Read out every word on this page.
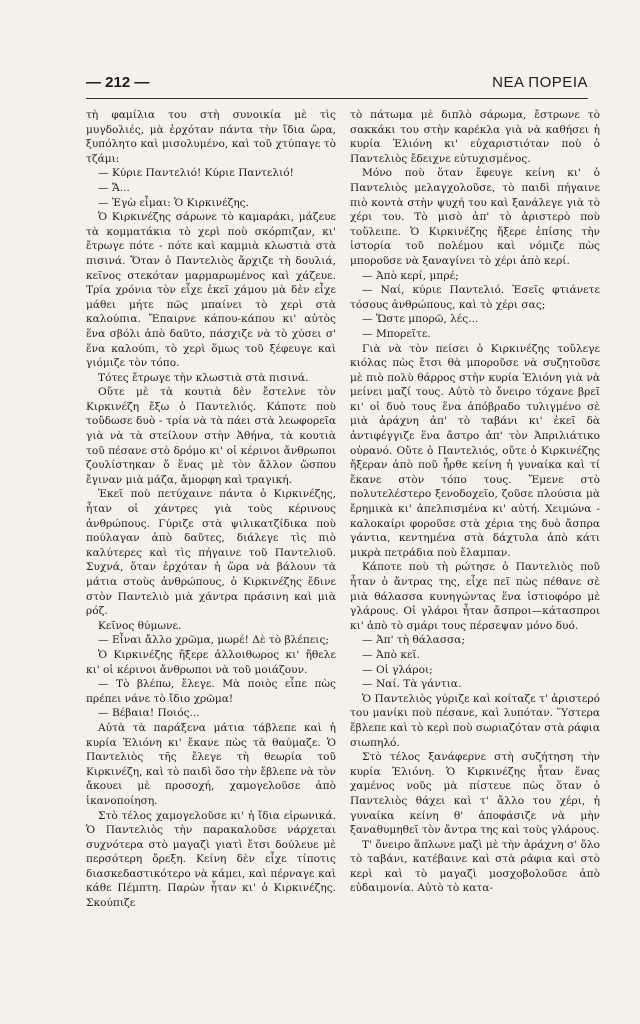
— 212 —	ΝΕΑ ΠΟΡΕΙΑ

τὴ φαμίλια του στὴ συνοικία μὲ τὶς μυγδολιές, μὰ ἐρχόταν πάντα τὴν ἴδια ὥρα, ξυπόλητο καὶ μισολυμένο, καὶ τοῦ χτύπαγε τὸ τζάμι:

— Κύριε Παντελιό! Κύριε Παντελιό!

— Ἄ...

— Ἐγὼ εἶμαι: Ὁ Κιρκινέζης.

Ὁ Κιρκινέζης σάρωνε τὸ καμαράκι, μάζευε τὰ κομματάκια τὸ χερὶ ποὺ σκόρπιζαν, κι' ἔτρωγε πότε - πότε καὶ καμμιὰ κλωστιὰ στὰ πισινά. Ὅταν ὁ Παντελιὸς ἄρχιζε τὴ δουλιά, κεῖνος στεκόταν μαρμαρωμένος καὶ χάζευε. Τρία χρόνια τὸν εἶχε ἐκεῖ χάμου μὰ δὲν εἶχε μάθει μήτε πῶς μπαίνει τὸ χερὶ στὰ καλούπια. Ἔπαιρνε κάπου-κάπου κι' αὐτὸς ἕνα σβόλι ἀπὸ δαῦτο, πάσχιζε νὰ τὸ χύσει σ' ἕνα καλούπι, τὸ χερὶ ὅμως τοῦ ξέφευγε καὶ γιόμιζε τὸν τόπο.

Τότες ἔτρωγε τὴν κλωστιὰ στὰ πισινά.

Οὔτε μὲ τὰ κουτιὰ δὲν ἔστελνε τὸν Κιρκινέζη ἔξω ὁ Παντελιός. Κάποτε ποὺ τοὔδωσε δυὸ - τρία νὰ τὰ πάει στὰ λεωφορεῖα γιὰ νὰ τὰ στείλουν στὴν Ἀθήνα, τὰ κουτιὰ τοῦ πέσανε στὸ δρόμο κι' οἱ κέρινοι ἄνθρωποι ζουλίστηκαν ὅ ἕνας μὲ τὸν ἄλλον ὥσπου ἔγιναν μιὰ μάζα, ἄμορφη καὶ τραγική.

Ἐκεῖ ποὺ πετύχαινε πάντα ὁ Κιρκινέζης, ἦταν οἱ χάντρες γιὰ τοὺς κέρινους ἀνθρώπους. Γύριζε στὰ ψιλικατζίδικα ποὺ πούλαγαν ἀπὸ δαῦτες, διάλεγε τὶς πιὸ καλύτερες καὶ τὶς πήγαινε τοῦ Παντελιοῦ. Συχνά, ὅταν ἐρχόταν ἡ ὥρα νὰ βάλουν τὰ μάτια στοὺς ἀνθρώπους, ὁ Κιρκινέζης ἔδινε στὸν Παντελιὸ μιὰ χάντρα πράσινη καὶ μιὰ ρόζ.

Κεῖνος θύμωνε.

— Εἶναι ἄλλο χρῶμα, μωρέ! Δὲ τὸ βλέπεις;

Ὁ Κιρκινέζης ἤξερε ἀλλοιθωρος κι' ἤθελε κι' οἱ κέρινοι ἄνθρωποι νὰ τοῦ μοιάζουν.

— Τὸ βλέπω, ἔλεγε. Μὰ ποιὸς εἶπε πὼς πρέπει νάνε τὸ ἴδιο χρῶμα!

— Βέβαια! Ποιός...

Αὐτὰ τὰ παράξενα μάτια τάβλεπε καὶ ἡ κυρία Ἐλιόνη κι' ἔκανε πὼς τὰ θαύμαζε. Ὁ Παντελιὸς τῆς ἔλεγε τὴ θεωρία τοῦ Κιρκινέζη, καὶ τὸ παιδὶ ὅσο τὴν ἔβλεπε νὰ τὸν ἄκουει μὲ προσοχή, χαμογελοῦσε ἀπὸ ἱκανοποίηση.

Στὸ τέλος χαμογελοῦσε κι' ἡ ἴδια εἰρωνικά. Ὁ Παντελιὸς τὴν παρακαλοῦσε νάρχεται συχνότερα στὸ μαγαζὶ γιατὶ ἔτσι δούλευε μὲ περσότερη ὄρεξη. Κείνη δὲν εἶχε τίποτις διασκεδαστικότερο νὰ κάμει, καὶ πέρναγε καὶ κάθε Πέμπτη. Παρὼν ἦταν κι' ὁ Κιρκινέζης. Σκούπιζε

τὸ πάτωμα μὲ διπλὸ σάρωμα, ἔστρωνε τὸ σακκάκι του στὴν καρέκλα γιὰ νὰ καθήσει ἡ κυρία Ἐλιόνη κι' εὐχαριστιόταν ποὺ ὁ Παντελιὸς ἔδειχνε εὐτυχισμένος.

Μόνο ποὺ ὅταν ἔφευγε κείνη κι' ὁ Παντελιὸς μελαγχολοῦσε, τὸ παιδὶ πήγαινε πιὸ κοντὰ στὴν ψυχή του καὶ ξανάλεγε γιὰ τὸ χέρι του. Τὸ μισὸ ἀπ' τὸ ἀριστερὸ ποὺ τοὔλειπε. Ὁ Κιρκινέζης ἤξερε ἐπίσης τὴν ἱστορία τοῦ πολέμου καὶ νόμιζε πὼς μποροῦσε νὰ ξαναγίνει τὸ χέρι ἀπὸ κερί.

— Ἀπὸ κερί, μπρέ;

— Ναί, κύριε Παντελιό. Ἐσεῖς φτιάνετε τόσους ἀνθρώπους, καὶ τὸ χέρι σας;

— Ὥστε μπορῶ, λές...

— Μπορεῖτε.

Γιὰ νὰ τὸν πείσει ὁ Κιρκινέζης τοὔλεγε κιόλας πὼς ἔτσι θὰ μποροῦσε νὰ συζητοῦσε μὲ πιὸ πολὺ θάρρος στὴν κυρία Ἐλιόνη γιὰ νὰ μείνει μαζί τους. Αὐτὸ τὸ ὄνειρο τόχανε βρεῖ κι' οἱ δυὸ τους ἕνα ἀπόβραδο τυλιγμένο σὲ μιὰ ἀράχνη ἀπ' τὸ ταβάνι κι' ἐκεῖ δὰ ἀντιφέγγιζε ἕνα ἄστρο ἀπ' τὸν Ἀπριλιάτικο οὐρανό. Οὔτε ὁ Παντελιός, οὔτε ὁ Κιρκινέζης ἤξεραν ἀπὸ ποῦ ἦρθε κείνη ἡ γυναίκα καὶ τί ἔκανε στὸν τόπο τους. Ἔμενε στὸ πολυτελέστερο ξενοδοχεῖο, ζοῦσε πλούσια μὰ ἔρημικὰ κι' ἀπελπισμένα κι' αὐτή. Χειμώνα - καλοκαίρι φοροῦσε στὰ χέρια της δυὸ ἄσπρα γάντια, κεντημένα στὰ δάχτυλα ἀπὸ κάτι μικρὰ πετράδια ποὺ ἔλαμπαν.

Κάποτε ποὺ τὴ ρώτησε ὁ Παντελιὸς ποῦ ἦταν ὁ ἄντρας της, εἶχε πεῖ πὼς πέθανε σὲ μιὰ θάλασσα κυνηγώντας ἕνα ἱστιοφόρο μὲ γλάρους. Οἱ γλάροι ἦταν ἄσπροι—κάτασπροι κι' ἀπὸ τὸ σμάρι τους πέρσεψαν μόνο δυό.

— Ἀπ' τὴ θάλασσα;

— Ἀπὸ κεῖ.

— Οἱ γλάροι;

— Ναί. Τὰ γάντια.

Ὁ Παντελιὸς γύριζε καὶ κοίταζε τ' ἀριστερό του μανίκι ποὺ πέσανε, καὶ λυπόταν. Ὕστερα ἔβλεπε καὶ τὸ κερὶ ποὺ σωριαζόταν στὰ ράφια σιωπηλό.

Στὸ τέλος ξανάφερνε στὴ συζήτηση τὴν κυρία Ἐλιόνη. Ὁ Κιρκινέζης ἦταν ἕνας χαμένος νοῦς μὰ πίστευε πὼς ὅταν ὁ Παντελιὸς θάχει καὶ τ' ἄλλο του χέρι, ἡ γυναίκα κείνη θ' ἀποφάσιζε νὰ μὴν ξαναθυμηθεῖ τὸν ἄντρα της καὶ τοὺς γλάρους.

Τ' ὄνειρο ἅπλωνε μαζὶ μὲ τὴν ἀράχνη σ' ὅλο τὸ ταβάνι, κατέβαινε καὶ στὰ ράφια καὶ στὸ κερὶ καὶ τὸ μαγαζὶ μοσχοβολοῦσε ἀπὸ εὐδαιμονία. Αὐτὸ τὸ κατα-
